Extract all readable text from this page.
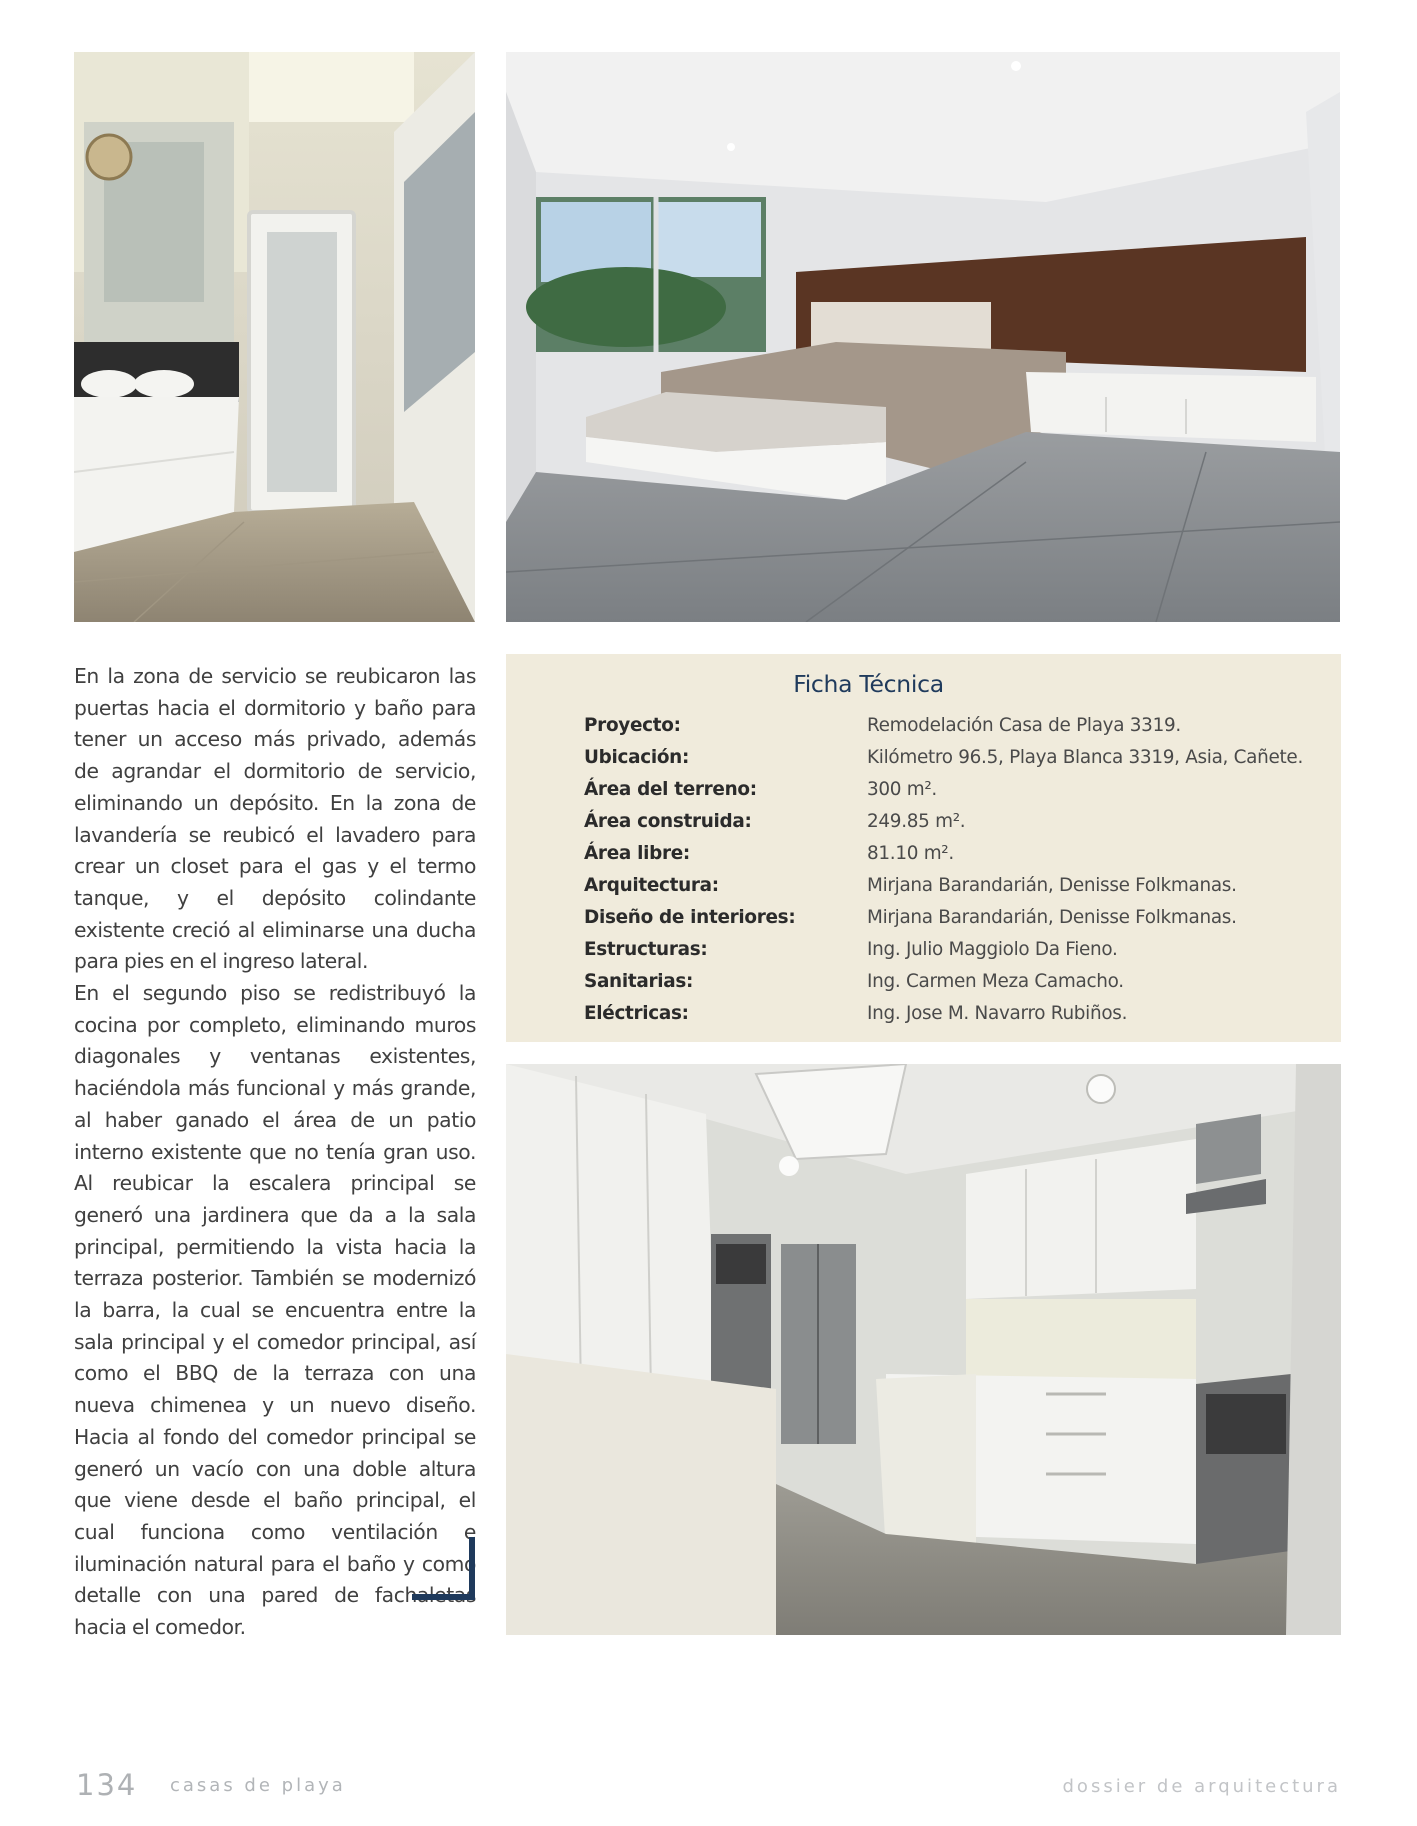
En la zona de servicio se reubicaron las puertas hacia el dormitorio y baño para tener un acceso más privado, además de agrandar el dormitorio de servicio, eliminando un depósito. En la zona de lavandería se reubicó el lavadero para crear un closet para el gas y el termo tanque, y el depósito colindante existente creció al eliminarse una ducha para pies en el ingreso lateral.
En el segundo piso se redistribuyó la cocina por completo, eliminando muros diagonales y ventanas existentes, haciéndola más funcional y más grande, al haber ganado el área de un patio interno existente que no tenía gran uso. Al reubicar la escalera principal se generó una jardinera que da a la sala principal, permitiendo la vista hacia la terraza posterior. También se modernizó la barra, la cual se encuentra entre la sala principal y el comedor principal, así como el BBQ de la terraza con una nueva chimenea y un nuevo diseño. Hacia al fondo del comedor principal se generó un vacío con una doble altura que viene desde el baño principal, el cual funciona como ventilación e iluminación natural para el baño y como detalle con una pared de fachaletas hacia el comedor.
Ficha Técnica
Proyecto:	Remodelación Casa de Playa 3319.
Ubicación:	Kilómetro 96.5, Playa Blanca 3319, Asia, Cañete.
Área del terreno:	300 m².
Área construida:	249.85 m².
Área libre:	81.10 m².
Arquitectura:	Mirjana Barandarián, Denisse Folkmanas.
Diseño de interiores:	Mirjana Barandarián, Denisse Folkmanas.
Estructuras:	Ing. Julio Maggiolo Da Fieno.
Sanitarias:	Ing. Carmen Meza Camacho.
Eléctricas:	Ing. Jose M. Navarro Rubiños.
134 casas de playa	dossier de arquitectura
